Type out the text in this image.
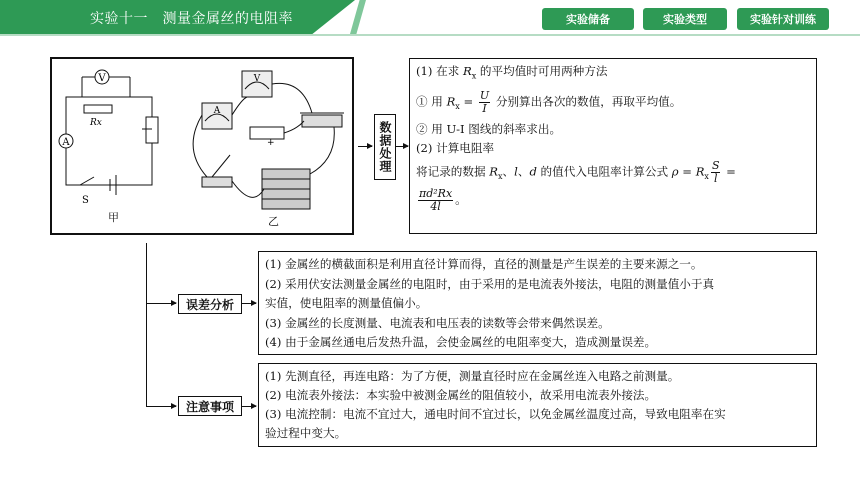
实验十一　测量金属丝的电阻率	实验储备	实验类型	实验针对训练
V
A
Rx
S
+
A
V
甲	乙
数据处理

(1) 在求 $R_x$ 的平均值时可用两种方法

① 用 $R_x = \frac{U}{I}$ 分别算出各次的数值，再取平均值。

② 用 U-I 图线的斜率求出。

(2) 计算电阻率

将记录的数据 $R_x$、l、d 的值代入电阻率计算公式 $\rho = R_x \frac{S}{l}$ =

$\frac{\text{πd²Rx}}{4l}$ 。

误差分析

(1) 金属丝的横截面积是利用直径计算而得，直径的测量是产生误差的主要来源之一。

(2) 采用伏安法测量金属丝的电阻时，由于采用的是电流表外接法，电阻的测量值小于真

实值，使电阻率的测量值偏小。

(3) 金属丝的长度测量、电流表和电压表的读数等会带来偶然误差。

(4) 由于金属丝通电后发热升温，会使金属丝的电阻率变大，造成测量误差。

注意事项

(1) 先测直径，再连电路：为了方便，测量直径时应在金属丝连入电路之前测量。

(2) 电流表外接法：本实验中被测金属丝的阻值较小，故采用电流表外接法。

(3) 电流控制：电流不宜过大，通电时间不宜过长，以免金属丝温度过高，导致电阻率在实

验过程中变大。
